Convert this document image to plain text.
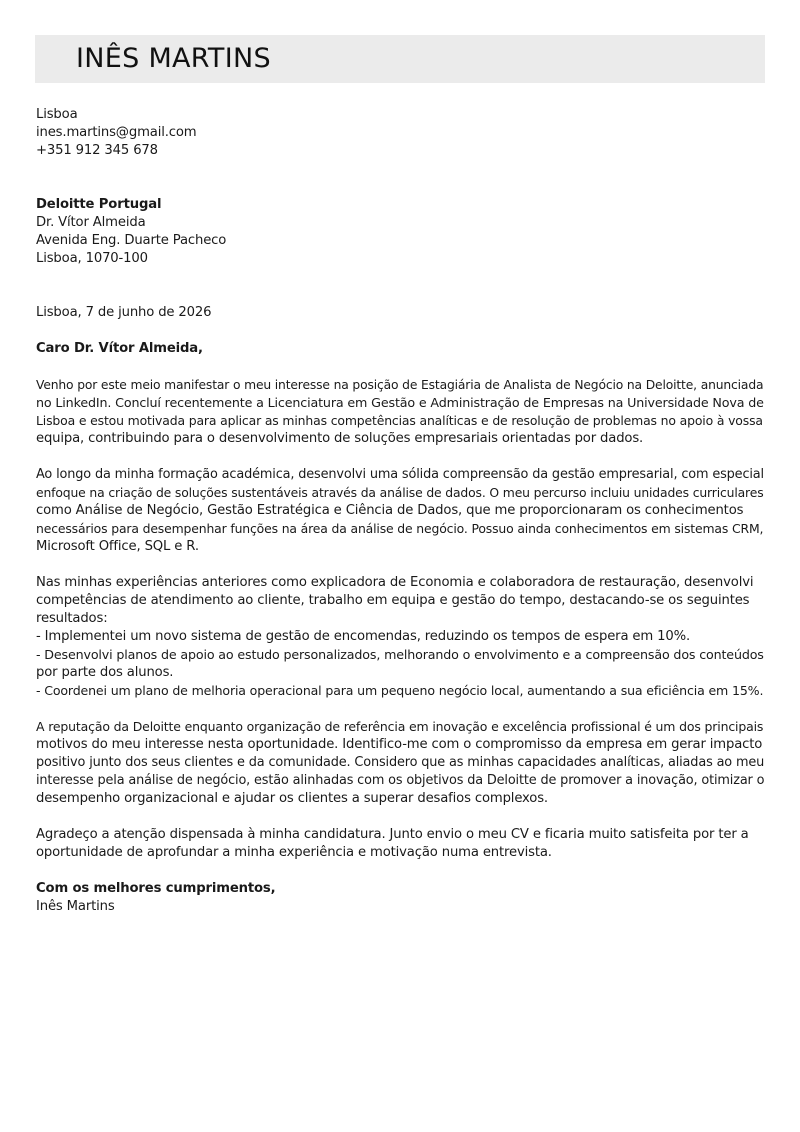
INÊS MARTINS
Lisboa
ines.martins@gmail.com
+351 912 345 678
Deloitte Portugal
Dr. Vítor Almeida
Avenida Eng. Duarte Pacheco
Lisboa, 1070-100
Lisboa, 7 de junho de 2026
Caro Dr. Vítor Almeida,
Venho por este meio manifestar o meu interesse na posição de Estagiária de Analista de Negócio na Deloitte, anunciada
no LinkedIn. Concluí recentemente a Licenciatura em Gestão e Administração de Empresas na Universidade Nova de
Lisboa e estou motivada para aplicar as minhas competências analíticas e de resolução de problemas no apoio à vossa
equipa, contribuindo para o desenvolvimento de soluções empresariais orientadas por dados.
Ao longo da minha formação académica, desenvolvi uma sólida compreensão da gestão empresarial, com especial
enfoque na criação de soluções sustentáveis através da análise de dados. O meu percurso incluiu unidades curriculares
como Análise de Negócio, Gestão Estratégica e Ciência de Dados, que me proporcionaram os conhecimentos
necessários para desempenhar funções na área da análise de negócio. Possuo ainda conhecimentos em sistemas CRM,
Microsoft Office, SQL e R.
Nas minhas experiências anteriores como explicadora de Economia e colaboradora de restauração, desenvolvi
competências de atendimento ao cliente, trabalho em equipa e gestão do tempo, destacando-se os seguintes
resultados:
- Implementei um novo sistema de gestão de encomendas, reduzindo os tempos de espera em 10%.
- Desenvolvi planos de apoio ao estudo personalizados, melhorando o envolvimento e a compreensão dos conteúdos
por parte dos alunos.
- Coordenei um plano de melhoria operacional para um pequeno negócio local, aumentando a sua eficiência em 15%.
A reputação da Deloitte enquanto organização de referência em inovação e excelência profissional é um dos principais
motivos do meu interesse nesta oportunidade. Identifico-me com o compromisso da empresa em gerar impacto
positivo junto dos seus clientes e da comunidade. Considero que as minhas capacidades analíticas, aliadas ao meu
interesse pela análise de negócio, estão alinhadas com os objetivos da Deloitte de promover a inovação, otimizar o
desempenho organizacional e ajudar os clientes a superar desafios complexos.
Agradeço a atenção dispensada à minha candidatura. Junto envio o meu CV e ficaria muito satisfeita por ter a
oportunidade de aprofundar a minha experiência e motivação numa entrevista.
Com os melhores cumprimentos,
Inês Martins
